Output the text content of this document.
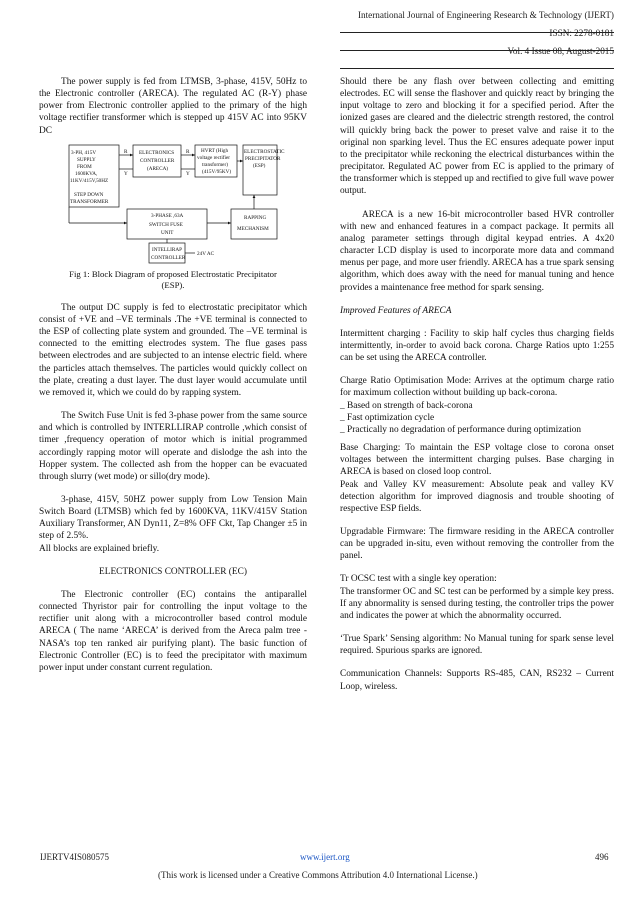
International Journal of Engineering Research & Technology (IJERT)
ISSN: 2278-0181
Vol. 4 Issue 08, August-2015

The power supply is fed from LTMSB, 3-phase, 415V, 50Hz to the Electronic controller (ARECA). The regulated AC (R-Y) phase power from Electronic controller applied to the primary of the high voltage rectifier transformer which is stepped up 415V AC into 95KV DC

3-PH, 415V
SUPPLY
FROM
1600KVA,
11KV/415V,50HZ
STEP DOWN
TRANSFORMER
ELECTRONICS
CONTROLLER
(ARECA)
HVRT (High
voltage rectifier
transformer)
(415V/95KV)
ELECTROSTATIC
PRECIPITATOR
(ESP)
3-PHASE ,63A
SWITCH FUSE
UNIT
RAPPING
MECHANISM
INTELLIRAP
CONTROLLER
R
Y
R
Y
24V AC
Fig 1: Block Diagram of proposed Electrostatic Precipitator
(ESP).

The output DC supply is fed to electrostatic precipitator which consist of +VE and –VE terminals .The +VE terminal is connected to the ESP of collecting plate system and grounded. The –VE terminal is connected to the emitting electrodes system. The flue gases pass between electrodes and are subjected to an intense electric field. where the particles attach themselves. The particles would quickly collect on the plate, creating a dust layer. The dust layer would accumulate until we removed it, which we could do by rapping system.

The Switch Fuse Unit is fed 3-phase power from the same source and which is controlled by INTERLLIRAP controlle ,which consist of timer ,frequency operation of motor which is initial programmed accordingly rapping motor will operate and dislodge the ash into the Hopper system. The collected ash from the hopper can be evacuated through slurry (wet mode) or sillo(dry mode).

3-phase, 415V, 50HZ power supply from Low Tension Main Switch Board (LTMSB) which fed by 1600KVA, 11KV/415V Station Auxiliary Transformer, AN Dyn11, Z=8% OFF Ckt, Tap Changer ±5 in step of 2.5%.

All blocks are explained briefly.

ELECTRONICS CONTROLLER (EC)

The Electronic controller (EC) contains the antiparallel connected Thyristor pair for controlling the input voltage to the rectifier unit along with a microcontroller based control module ARECA ( The name ‘ARECA’ is derived from the Areca palm tree - NASA’s top ten ranked air purifying plant). The basic function of Electronic Controller (EC) is to feed the precipitator with maximum power input under constant current regulation.

Should there be any flash over between collecting and emitting electrodes. EC will sense the flashover and quickly react by bringing the input voltage to zero and blocking it for a specified period. After the ionized gases are cleared and the dielectric strength restored, the control will quickly bring back the power to preset valve and raise it to the original non sparking level. Thus the EC ensures adequate power input to the precipitator while reckoning the electrical disturbances within the precipitator. Regulated AC power from EC is applied to the primary of the transformer which is stepped up and rectified to give full wave power output.

ARECA is a new 16-bit microcontroller based HVR controller with new and enhanced features in a compact package. It permits all analog parameter settings through digital keypad entries. A 4x20 character LCD display is used to incorporate more data and command menus per page, and more user friendly. ARECA has a true spark sensing algorithm, which does away with the need for manual tuning and hence provides a maintenance free method for spark sensing.

Improved Features of ARECA

Intermittent charging : Facility to skip half cycles thus charging fields intermittently, in-order to avoid back corona. Charge Ratios upto 1:255 can be set using the ARECA controller.

Charge Ratio Optimisation Mode: Arrives at the optimum charge ratio for maximum collection without building up back-corona.

_ Based on strength of back-corona

_ Fast optimization cycle

_ Practically no degradation of performance during optimization

Base Charging: To maintain the ESP voltage close to corona onset voltages between the intermittent charging pulses. Base charging in ARECA is based on closed loop control.

Peak and Valley KV measurement: Absolute peak and valley KV detection algorithm for improved diagnosis and trouble shooting of respective ESP fields.

Upgradable Firmware: The firmware residing in the ARECA controller can be upgraded in-situ, even without removing the controller from the panel.

Tr OCSC test with a single key operation:

The transformer OC and SC test can be performed by a simple key press. If any abnormality is sensed during testing, the controller trips the power and indicates the power at which the abnormality occurred.

‘True Spark’ Sensing algorithm: No Manual tuning for spark sense level required. Spurious sparks are ignored.

Communication Channels: Supports RS-485, CAN, RS232 – Current Loop, wireless.

IJERTV4IS080575	www.ijert.org	496
(This work is licensed under a Creative Commons Attribution 4.0 International License.)
